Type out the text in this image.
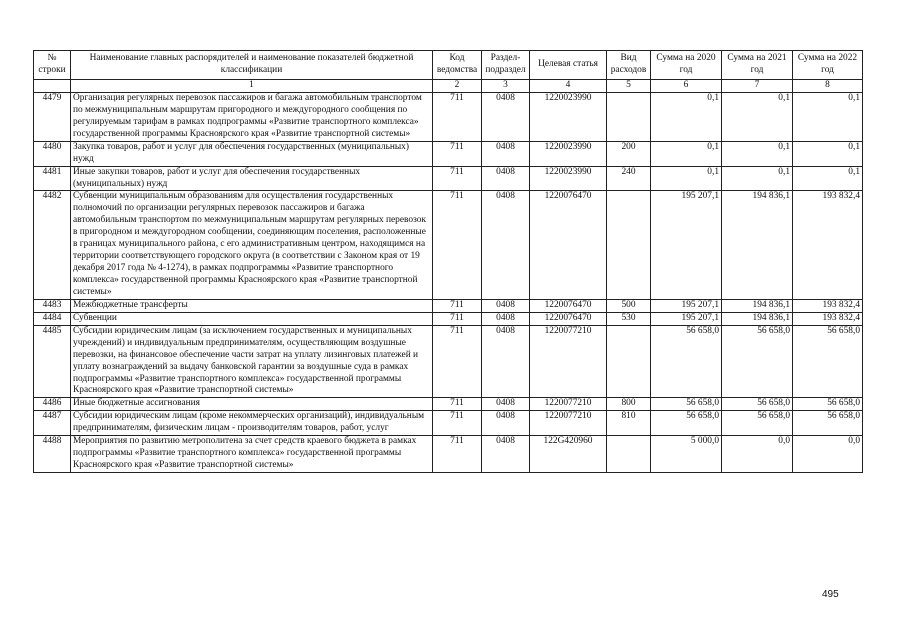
№ строки	Наименование главных распорядителей и наименование показателей бюджетной классификации	Код ведомства	Раздел-подраздел	Целевая статья	Вид расходов	Сумма на 2020 год	Сумма на 2021 год	Сумма на 2022 год
	1	2	3	4	5	6	7	8
4479	Организация регулярных перевозок пассажиров и багажа автомобильным транспортом по межмуниципальным маршрутам пригородного и междугородного сообщения по регулируемым тарифам в рамках подпрограммы «Развитие транспортного комплекса» государственной программы Красноярского края «Развитие транспортной системы»	711	0408	1220023990		0,1	0,1	0,1
4480	Закупка товаров, работ и услуг для обеспечения государственных (муниципальных) нужд	711	0408	1220023990	200	0,1	0,1	0,1
4481	Иные закупки товаров, работ и услуг для обеспечения государственных (муниципальных) нужд	711	0408	1220023990	240	0,1	0,1	0,1
4482	Субвенции муниципальным образованиям для осуществления государственных полномочий по организации регулярных перевозок пассажиров и багажа автомобильным транспортом по межмуниципальным маршрутам регулярных перевозок в пригородном и междугородном сообщении, соединяющим поселения, расположенные в границах муниципального района, с его административным центром, находящимся на территории соответствующего городского округа (в соответствии с Законом края от 19 декабря 2017 года № 4-1274), в рамках подпрограммы «Развитие транспортного комплекса» государственной программы Красноярского края «Развитие транспортной системы»	711	0408	1220076470		195 207,1	194 836,1	193 832,4
4483	Межбюджетные трансферты	711	0408	1220076470	500	195 207,1	194 836,1	193 832,4
4484	Субвенции	711	0408	1220076470	530	195 207,1	194 836,1	193 832,4
4485	Субсидии юридическим лицам (за исключением государственных и муниципальных учреждений) и индивидуальным предпринимателям, осуществляющим воздушные перевозки, на финансовое обеспечение части затрат на уплату лизинговых платежей и уплату вознаграждений за выдачу банковской гарантии за воздушные суда в рамках подпрограммы «Развитие транспортного комплекса» государственной программы Красноярского края «Развитие транспортной системы»	711	0408	1220077210		56 658,0	56 658,0	56 658,0
4486	Иные бюджетные ассигнования	711	0408	1220077210	800	56 658,0	56 658,0	56 658,0
4487	Субсидии юридическим лицам (кроме некоммерческих организаций), индивидуальным предпринимателям, физическим лицам - производителям товаров, работ, услуг	711	0408	1220077210	810	56 658,0	56 658,0	56 658,0
4488	Мероприятия по развитию метрополитена за счет средств краевого бюджета в рамках подпрограммы «Развитие транспортного комплекса» государственной программы Красноярского края «Развитие транспортной системы»	711	0408	122G420960		5 000,0	0,0	0,0
495
